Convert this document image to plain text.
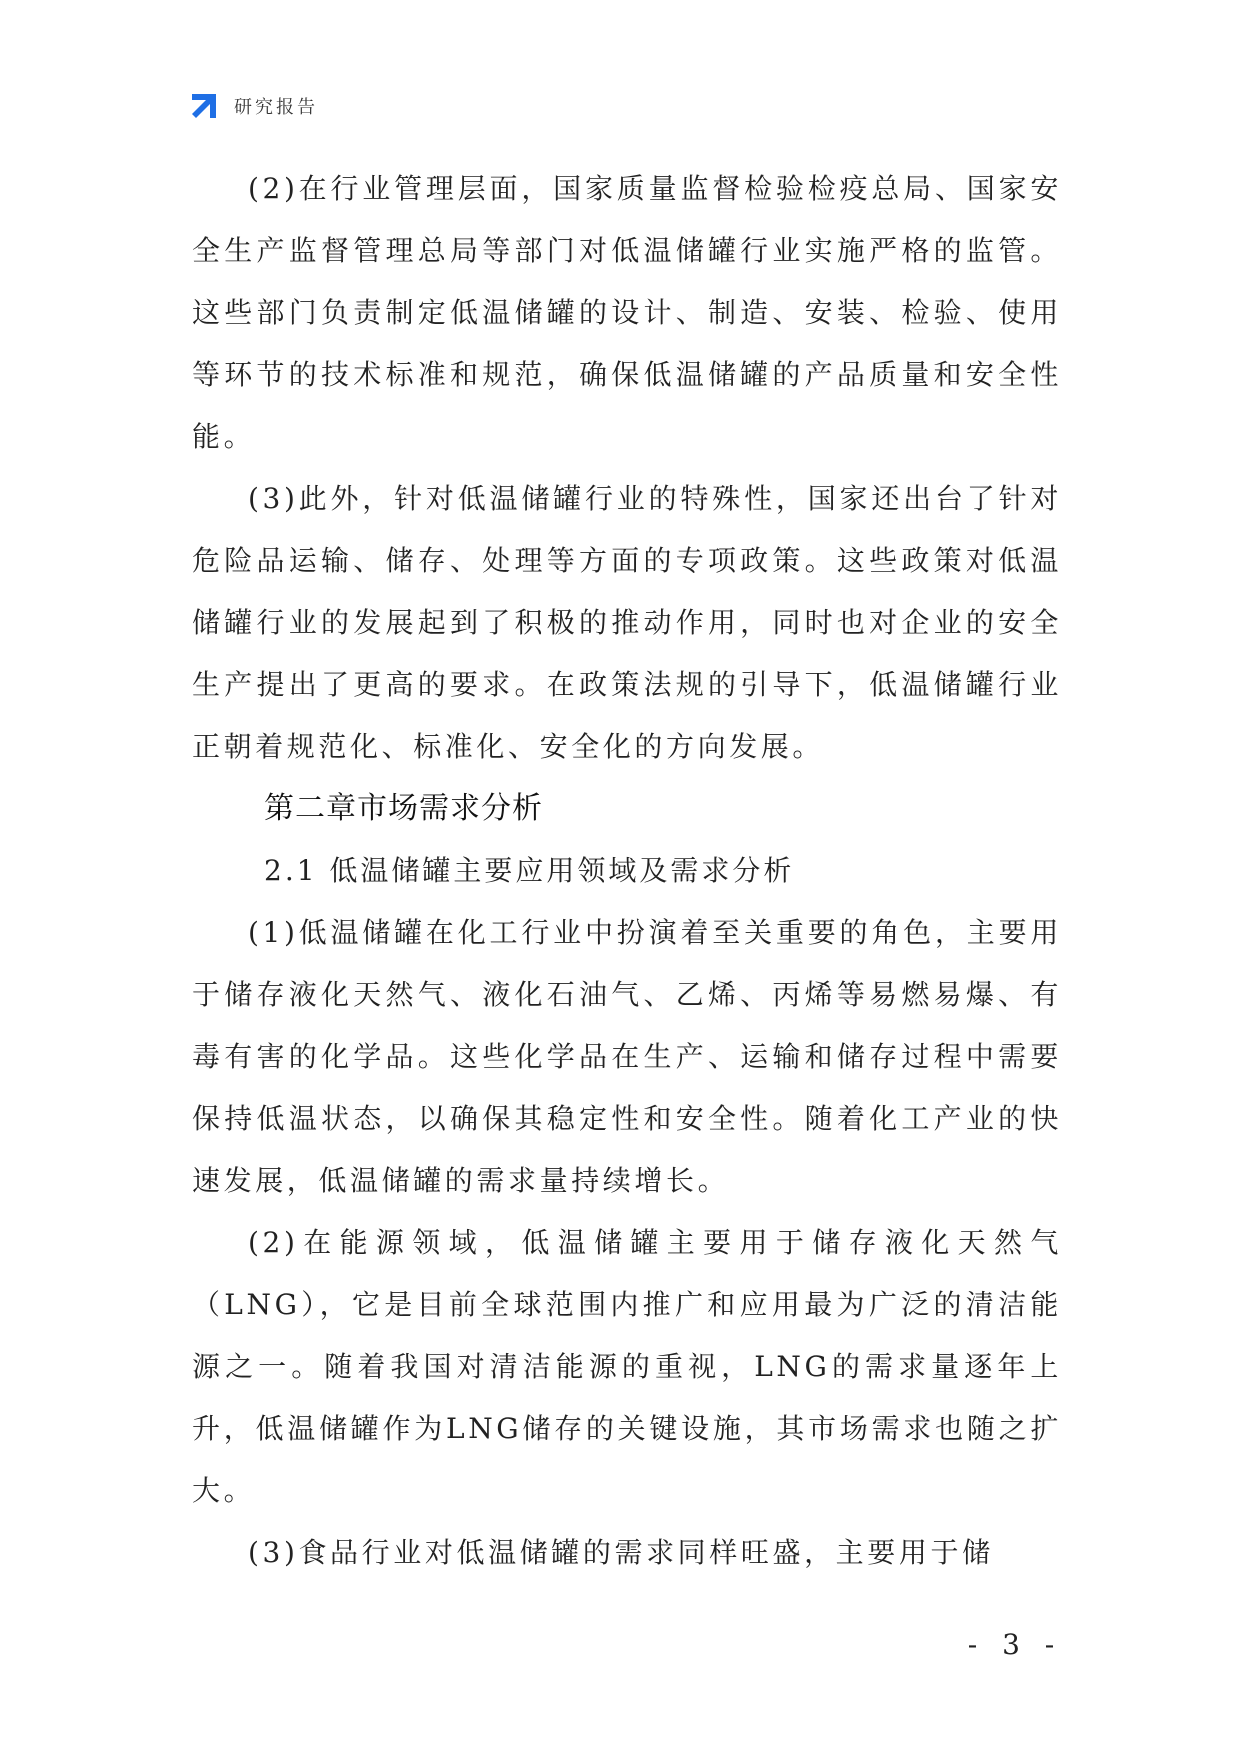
研究报告

(2)在行业管理层面，国家质量监督检验检疫总局、国家安全生产监督管理总局等部门对低温储罐行业实施严格的监管。这些部门负责制定低温储罐的设计、制造、安装、检验、使用等环节的技术标准和规范，确保低温储罐的产品质量和安全性能。

(3)此外，针对低温储罐行业的特殊性，国家还出台了针对危险品运输、储存、处理等方面的专项政策。这些政策对低温储罐行业的发展起到了积极的推动作用，同时也对企业的安全生产提出了更高的要求。在政策法规的引导下，低温储罐行业正朝着规范化、标准化、安全化的方向发展。

第二章市场需求分析
2.1 低温储罐主要应用领域及需求分析

(1)低温储罐在化工行业中扮演着至关重要的角色，主要用于储存液化天然气、液化石油气、乙烯、丙烯等易燃易爆、有毒有害的化学品。这些化学品在生产、运输和储存过程中需要保持低温状态，以确保其稳定性和安全性。随着化工产业的快速发展，低温储罐的需求量持续增长。

(2)在能源领域，低温储罐主要用于储存液化天然气（LNG），它是目前全球范围内推广和应用最为广泛的清洁能源之一。随着我国对清洁能源的重视，LNG的需求量逐年上升，低温储罐作为LNG储存的关键设施，其市场需求也随之扩大。

(3)食品行业对低温储罐的需求同样旺盛，主要用于储

- 3 -
